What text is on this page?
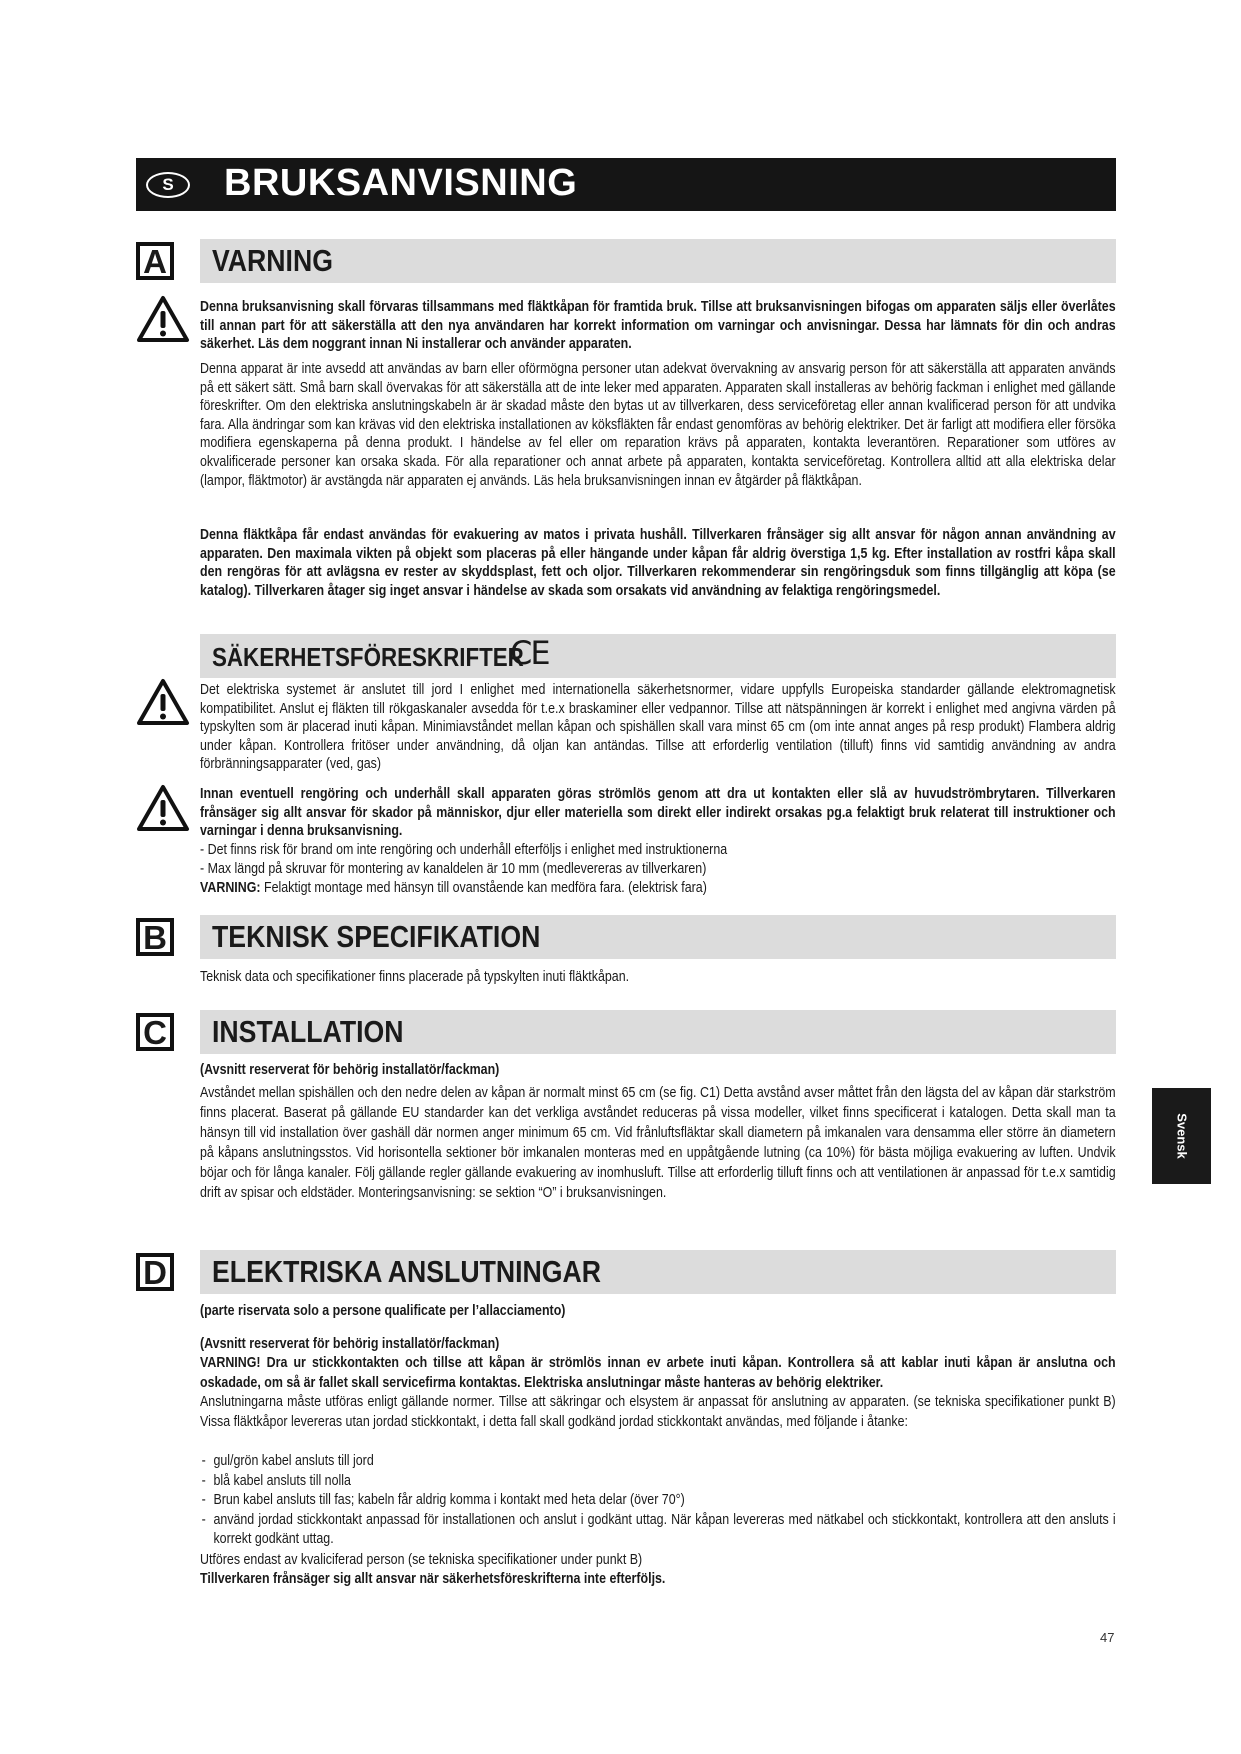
S	BRUKSANVISNING
A VARNING
Denna bruksanvisning skall förvaras tillsammans med fläktkåpan för framtida bruk. Tillse att bruksanvisningen bifogas om apparaten säljs eller överlåtes till annan part för att säkerställa att den nya användaren har korrekt information om varningar och anvisningar. Dessa har lämnats för din och andras säkerhet. Läs dem noggrant innan Ni installerar och använder apparaten.
Denna apparat är inte avsedd att användas av barn eller oförmögna personer utan adekvat övervakning av ansvarig person för att säkerställa att apparaten används på ett säkert sätt. Små barn skall övervakas för att säkerställa att de inte leker med apparaten. Apparaten skall installeras av behörig fackman i enlighet med gällande föreskrifter. Om den elektriska anslutningskabeln är är skadad måste den bytas ut av tillverkaren, dess serviceföretag eller annan kvalificerad person för att undvika fara. Alla ändringar som kan krävas vid den elektriska installationen av köksfläkten får endast genomföras av behörig elektriker. Det är farligt att modifiera eller försöka modifiera egenskaperna på denna produkt. I händelse av fel eller om reparation krävs på apparaten, kontakta leverantören. Reparationer som utföres av okvalificerade personer kan orsaka skada. För alla reparationer och annat arbete på apparaten, kontakta serviceföretag. Kontrollera alltid att alla elektriska delar (lampor, fläktmotor) är avstängda när apparaten ej används. Läs hela bruksanvisningen innan ev åtgärder på fläktkåpan.
Denna fläktkåpa får endast användas för evakuering av matos i privata hushåll. Tillverkaren frånsäger sig allt ansvar för någon annan användning av apparaten. Den maximala vikten på objekt som placeras på eller hängande under kåpan får aldrig överstiga 1,5 kg. Efter installation av rostfri kåpa skall den rengöras för att avlägsna ev rester av skyddsplast, fett och oljor. Tillverkaren rekommenderar sin rengöringsduk som finns tillgänglig att köpa (se katalog). Tillverkaren åtager sig inget ansvar i händelse av skada som orsakats vid användning av felaktiga rengöringsmedel.
SÄKERHETSFÖRESKRIFTER
CE
Det elektriska systemet är anslutet till jord I enlighet med internationella säkerhetsnormer, vidare uppfylls Europeiska standarder gällande elektromagnetisk kompatibilitet. Anslut ej fläkten till rökgaskanaler avsedda för t.e.x braskaminer eller vedpannor. Tillse att nätspänningen är korrekt i enlighet med angivna värden på typskylten som är placerad inuti kåpan. Minimiavståndet mellan kåpan och spishällen skall vara minst 65 cm (om inte annat anges på resp produkt) Flambera aldrig under kåpan. Kontrollera fritöser under användning, då oljan kan antändas. Tillse att erforderlig ventilation (tilluft) finns vid samtidig användning av andra förbränningsapparater (ved, gas)
Innan eventuell rengöring och underhåll skall apparaten göras strömlös genom att dra ut kontakten eller slå av huvudströmbrytaren. Tillverkaren frånsäger sig allt ansvar för skador på människor, djur eller materiella som direkt eller indirekt orsakas pg.a felaktigt bruk relaterat till instruktioner och varningar i denna bruksanvisning.
- Det finns risk för brand om inte rengöring och underhåll efterföljs i enlighet med instruktionerna
- Max längd på skruvar för montering av kanaldelen är 10 mm (medlevereras av tillverkaren)
VARNING: Felaktigt montage med hänsyn till ovanstående kan medföra fara. (elektrisk fara)
B TEKNISK SPECIFIKATION
Teknisk data och specifikationer finns placerade på typskylten inuti fläktkåpan.
C INSTALLATION
(Avsnitt reserverat för behörig installatör/fackman)
Avståndet mellan spishällen och den nedre delen av kåpan är normalt minst 65 cm (se fig. C1) Detta avstånd avser måttet från den lägsta del av kåpan där starkström finns placerat. Baserat på gällande EU standarder kan det verkliga avståndet reduceras på vissa modeller, vilket finns specificerat i katalogen. Detta skall man ta hänsyn till vid installation över gashäll där normen anger minimum 65 cm. Vid frånluftsfläktar skall diametern på imkanalen vara densamma eller större än diametern på kåpans anslutningsstos. Vid horisontella sektioner bör imkanalen monteras med en uppåtgående lutning (ca 10%) för bästa möjliga evakuering av luften. Undvik böjar och för långa kanaler. Följ gällande regler gällande evakuering av inomhusluft. Tillse att erforderlig tilluft finns och att ventilationen är anpassad för t.e.x samtidig drift av spisar och eldstäder. Monteringsanvisning: se sektion “O” i bruksanvisningen.
D ELEKTRISKA ANSLUTNINGAR
(parte riservata solo a persone qualificate per l’allacciamento)
(Avsnitt reserverat för behörig installatör/fackman)
VARNING! Dra ur stickkontakten och tillse att kåpan är strömlös innan ev arbete inuti kåpan. Kontrollera så att kablar inuti kåpan är anslutna och oskadade, om så är fallet skall servicefirma kontaktas. Elektriska anslutningar måste hanteras av behörig elektriker.
Anslutningarna måste utföras enligt gällande normer. Tillse att säkringar och elsystem är anpassat för anslutning av apparaten. (se tekniska specifikationer punkt B) Vissa fläktkåpor levereras utan jordad stickkontakt, i detta fall skall godkänd jordad stickkontakt användas, med följande i åtanke:
- gul/grön kabel ansluts till jord
- blå kabel ansluts till nolla
- Brun kabel ansluts till fas; kabeln får aldrig komma i kontakt med heta delar (över 70°)
- använd jordad stickkontakt anpassad för installationen och anslut i godkänt uttag. När kåpan levereras med nätkabel och stickkontakt, kontrollera att den ansluts i korrekt godkänt uttag.
Utföres endast av kvaliciferad person (se tekniska specifikationer under punkt B)
Tillverkaren frånsäger sig allt ansvar när säkerhetsföreskrifterna inte efterföljs.
Svensk
47
